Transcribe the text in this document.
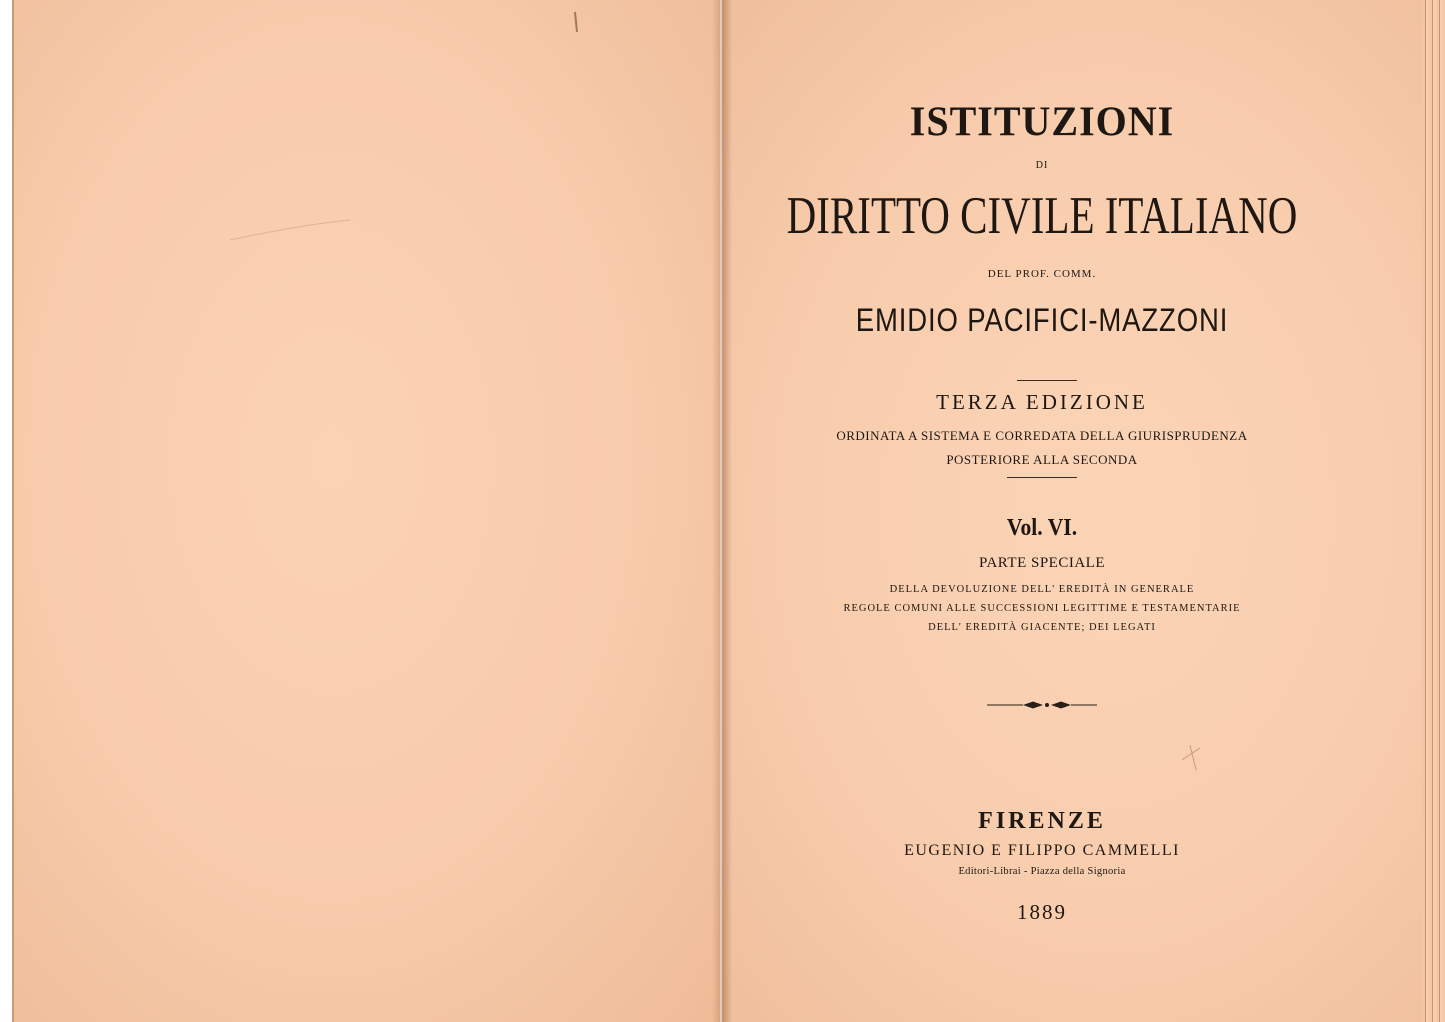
ISTITUZIONI
DI
DIRITTO CIVILE ITALIANO
DEL PROF. COMM.
EMIDIO PACIFICI-MAZZONI
TERZA EDIZIONE
ORDINATA A SISTEMA E CORREDATA DELLA GIURISPRUDENZA
POSTERIORE ALLA SECONDA
Vol. VI.
PARTE SPECIALE
DELLA DEVOLUZIONE DELL' EREDITÀ IN GENERALE
REGOLE COMUNI ALLE SUCCESSIONI LEGITTIME E TESTAMENTARIE
DELL' EREDITÀ GIACENTE; DEI LEGATI
FIRENZE
EUGENIO E FILIPPO CAMMELLI
Editori-Librai - Piazza della Signoria
1889
